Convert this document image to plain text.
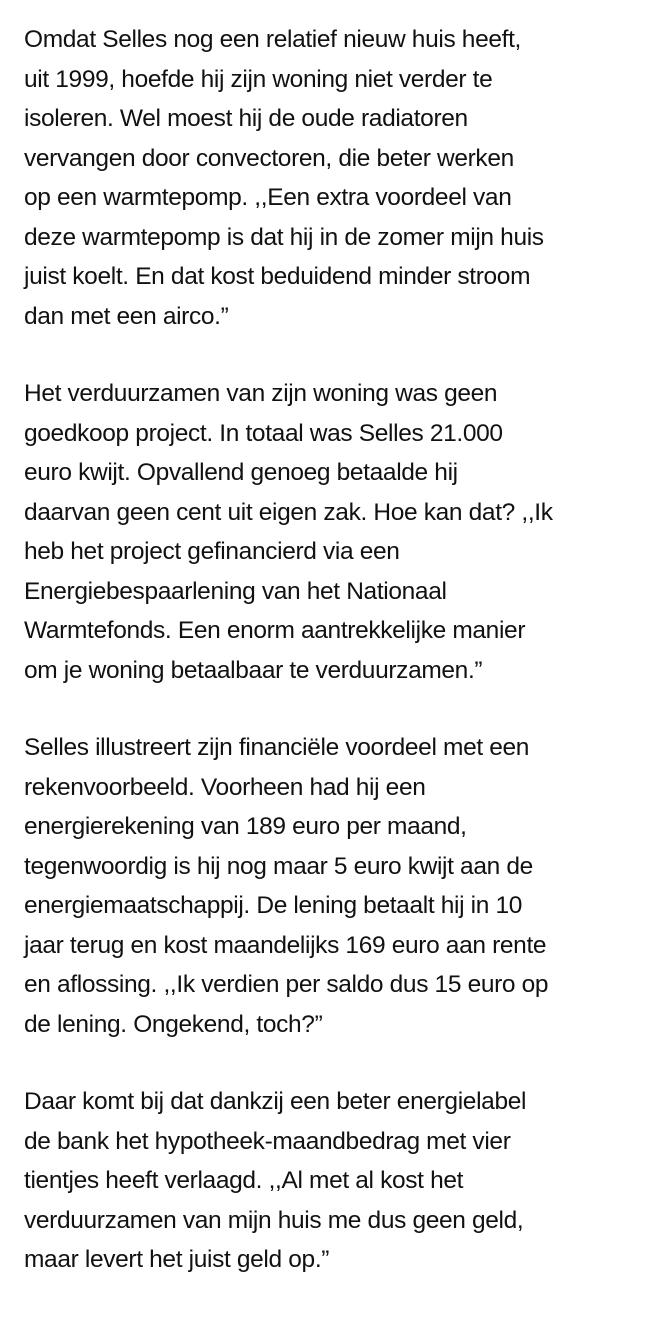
Omdat Selles nog een relatief nieuw huis heeft,
uit 1999, hoefde hij zijn woning niet verder te
isoleren. Wel moest hij de oude radiatoren
vervangen door convectoren, die beter werken
op een warmtepomp. ,,Een extra voordeel van
deze warmtepomp is dat hij in de zomer mijn huis
juist koelt. En dat kost beduidend minder stroom
dan met een airco.”

Het verduurzamen van zijn woning was geen
goedkoop project. In totaal was Selles 21.000
euro kwijt. Opvallend genoeg betaalde hij
daarvan geen cent uit eigen zak. Hoe kan dat? ,,Ik
heb het project gefinancierd via een
Energiebespaarlening van het Nationaal
Warmtefonds. Een enorm aantrekkelijke manier
om je woning betaalbaar te verduurzamen.”

Selles illustreert zijn financiële voordeel met een
rekenvoorbeeld. Voorheen had hij een
energierekening van 189 euro per maand,
tegenwoordig is hij nog maar 5 euro kwijt aan de
energiemaatschappij. De lening betaalt hij in 10
jaar terug en kost maandelijks 169 euro aan rente
en aflossing. ,,Ik verdien per saldo dus 15 euro op
de lening. Ongekend, toch?”

Daar komt bij dat dankzij een beter energielabel
de bank het hypotheek-maandbedrag met vier
tientjes heeft verlaagd. ,,Al met al kost het
verduurzamen van mijn huis me dus geen geld,
maar levert het juist geld op.”
